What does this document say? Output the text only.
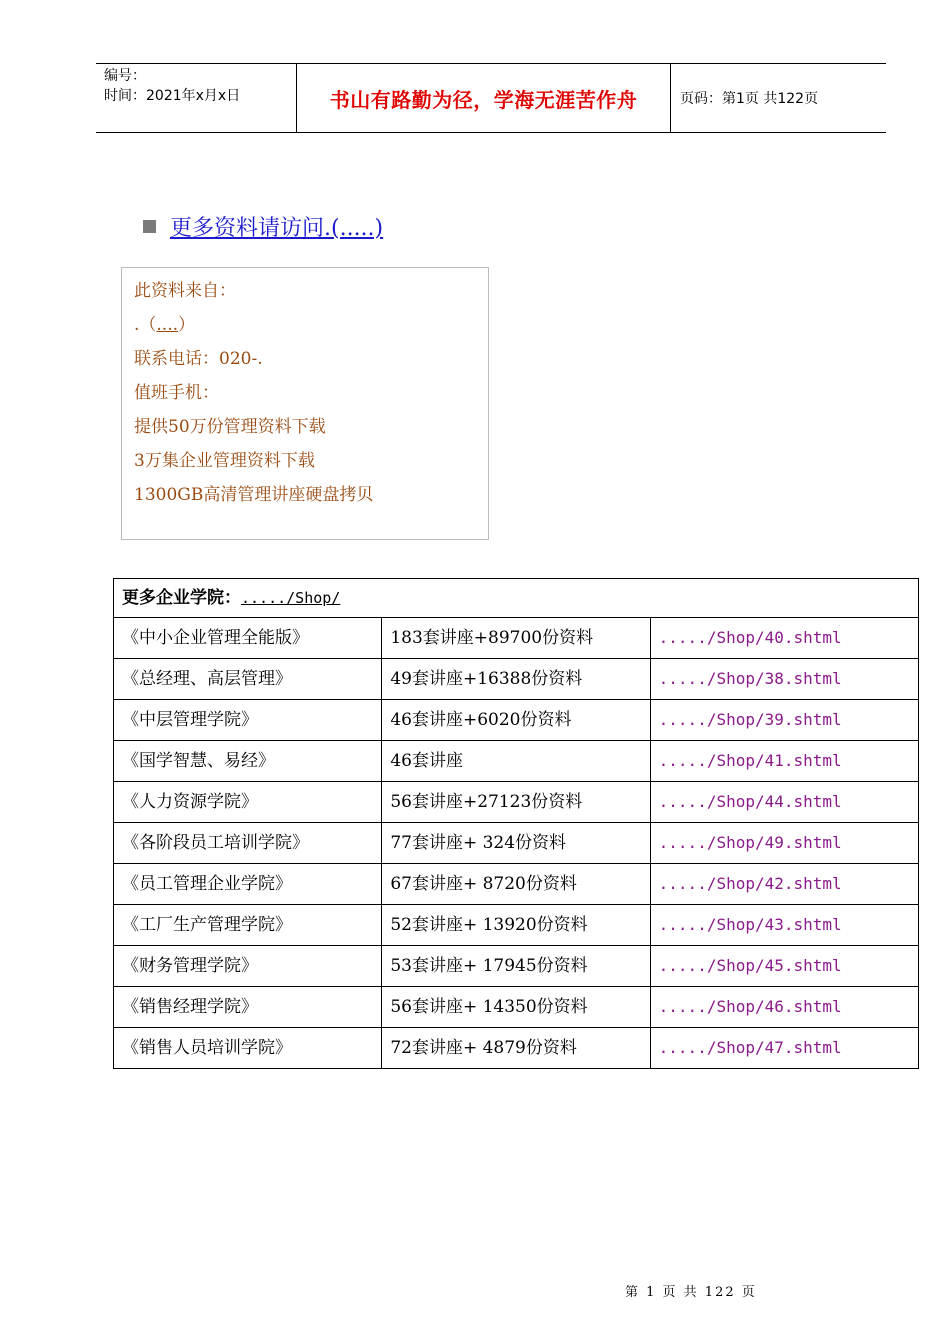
编号：
时间：2021年x月x日	书山有路勤为径，学海无涯苦作舟	页码：第1页 共122页
更多资料请访问.(.....)
此资料来自：
.（....）
联系电话：020-.
值班手机：
提供50万份管理资料下载
3万集企业管理资料下载
1300GB高清管理讲座硬盘拷贝
更多企业学院：...../Shop/		
《中小企业管理全能版》	183套讲座+89700份资料	...../Shop/40.shtml
《总经理、高层管理》	49套讲座+16388份资料	...../Shop/38.shtml
《中层管理学院》	46套讲座+6020份资料	...../Shop/39.shtml
《国学智慧、易经》	46套讲座	...../Shop/41.shtml
《人力资源学院》	56套讲座+27123份资料	...../Shop/44.shtml
《各阶段员工培训学院》	77套讲座+ 324份资料	...../Shop/49.shtml
《员工管理企业学院》	67套讲座+ 8720份资料	...../Shop/42.shtml
《工厂生产管理学院》	52套讲座+ 13920份资料	...../Shop/43.shtml
《财务管理学院》	53套讲座+ 17945份资料	...../Shop/45.shtml
《销售经理学院》	56套讲座+ 14350份资料	...../Shop/46.shtml
《销售人员培训学院》	72套讲座+ 4879份资料	...../Shop/47.shtml
第 1 页 共 122 页
